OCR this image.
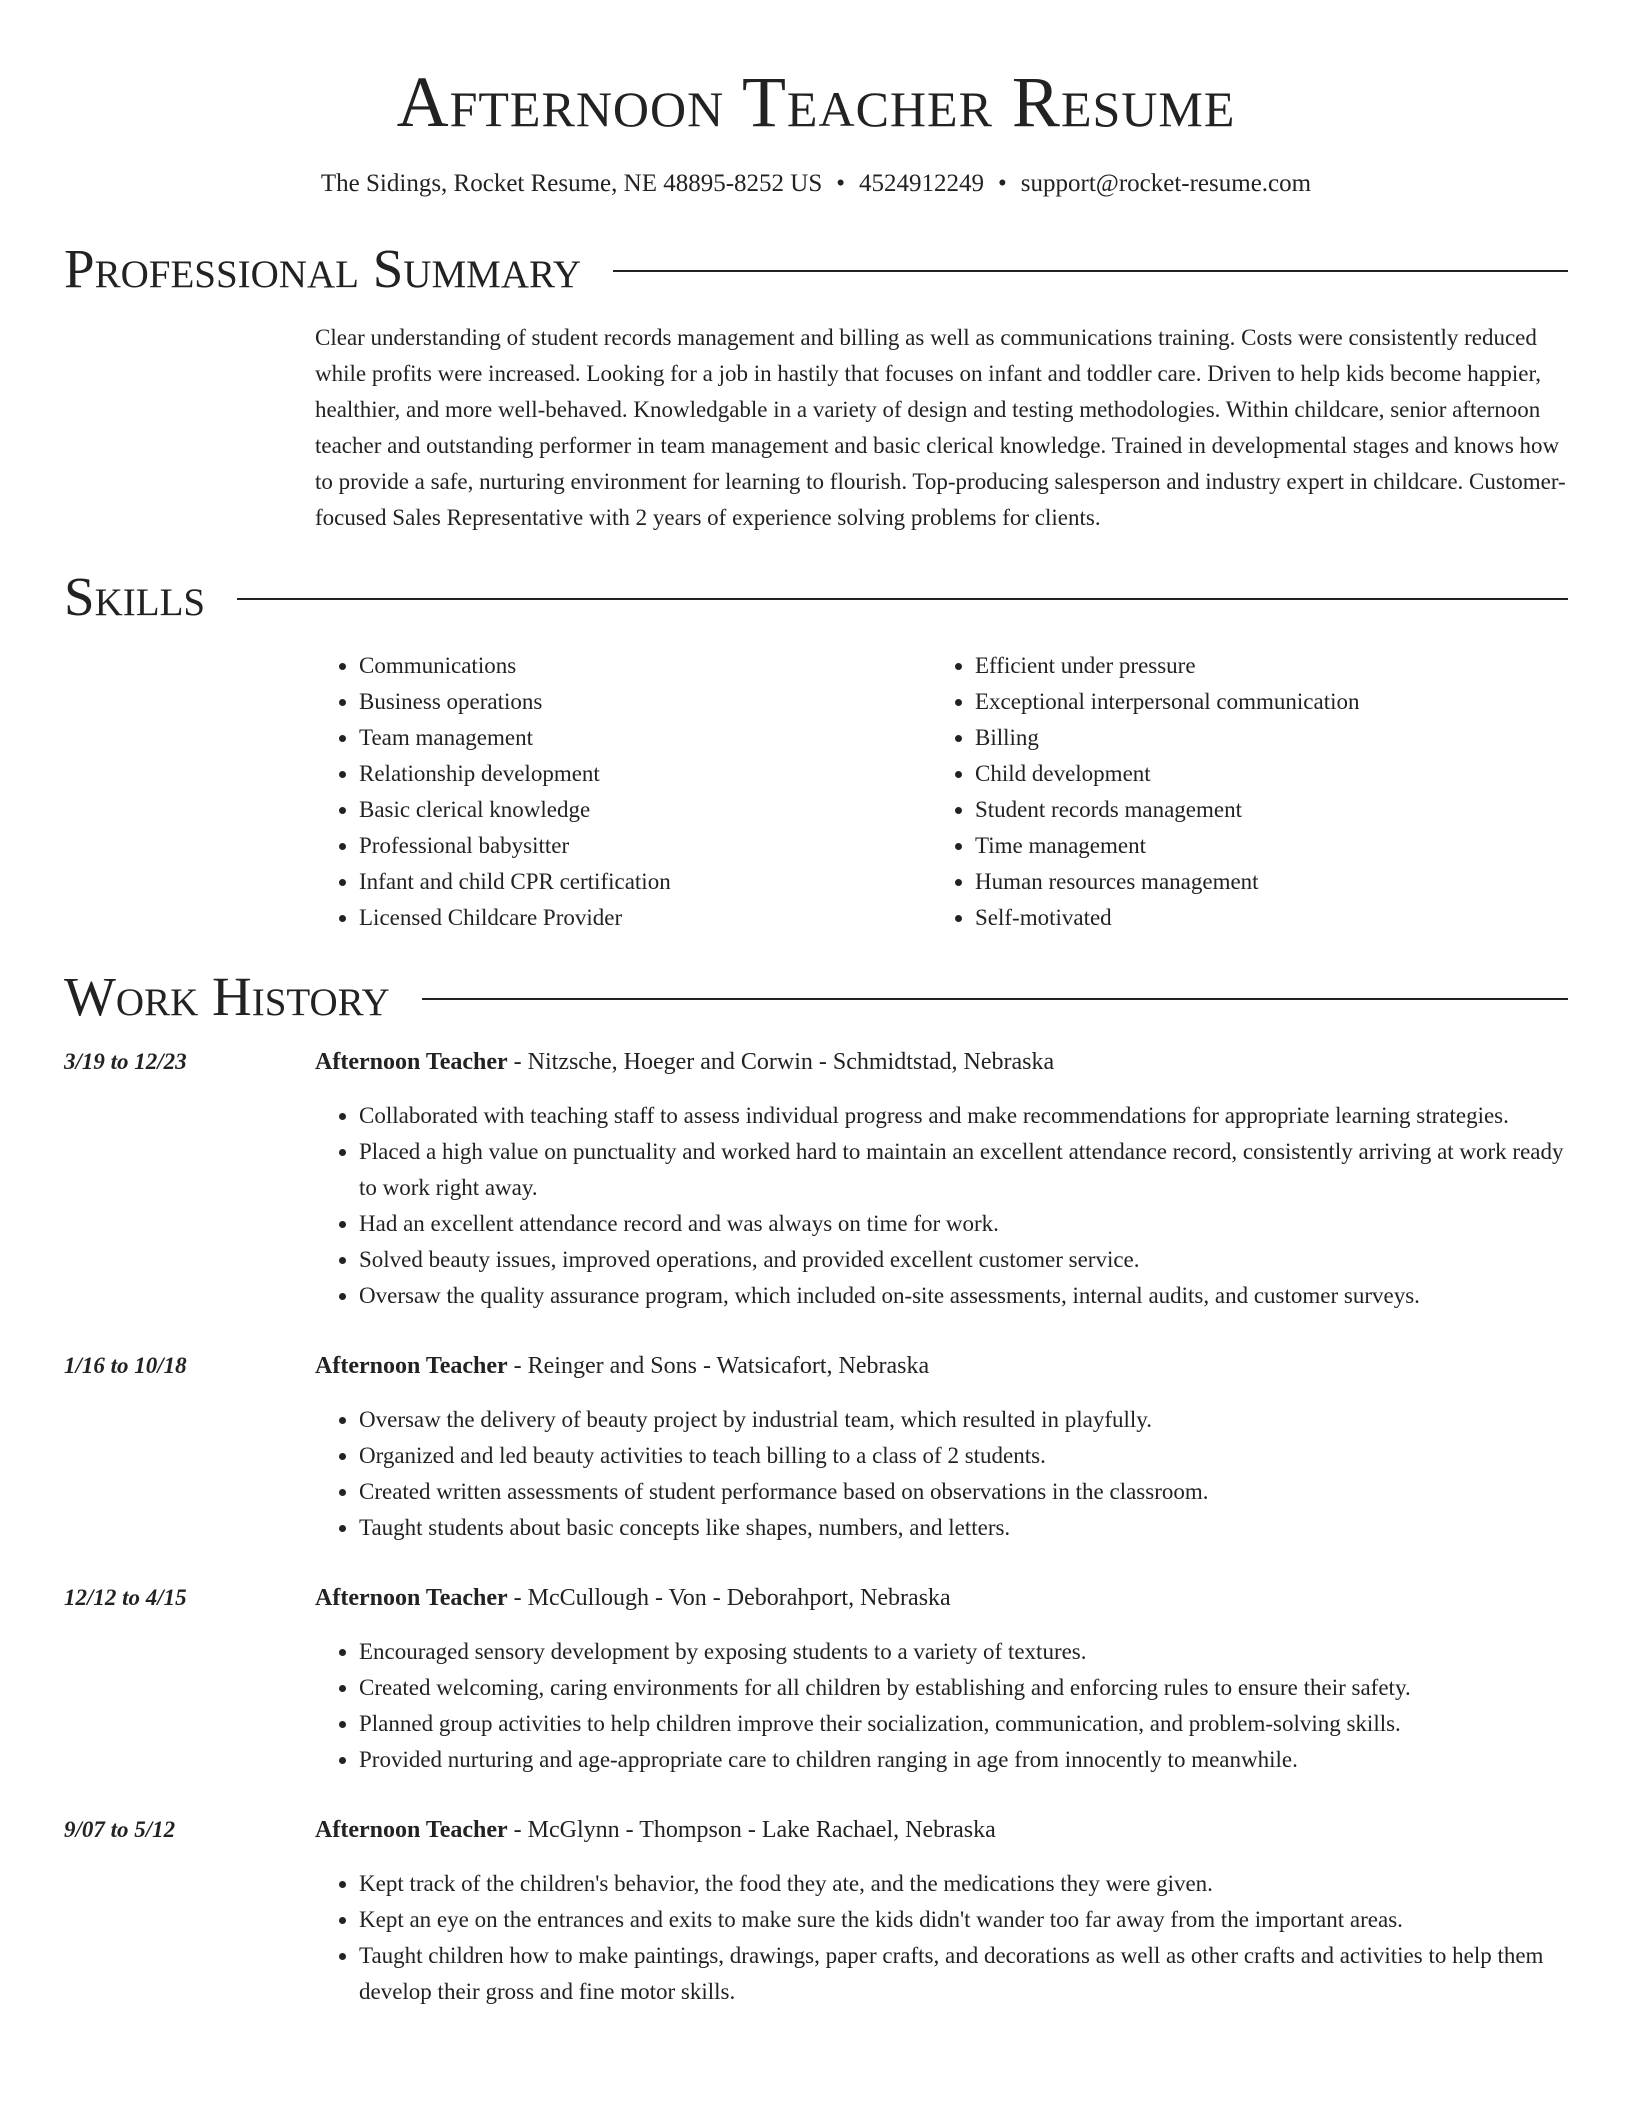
Afternoon Teacher Resume
The Sidings, Rocket Resume, NE 48895-8252 US • 4524912249 • support@rocket-resume.com
Professional Summary

Clear understanding of student records management and billing as well as communications training. Costs were consistently reduced while profits were increased. Looking for a job in hastily that focuses on infant and toddler care. Driven to help kids become happier, healthier, and more well-behaved. Knowledgable in a variety of design and testing methodologies. Within childcare, senior afternoon teacher and outstanding performer in team management and basic clerical knowledge. Trained in developmental stages and knows how to provide a safe, nurturing environment for learning to flourish. Top-producing salesperson and industry expert in childcare. Customer-focused Sales Representative with 2 years of experience solving problems for clients.

Skills
• Communications
• Business operations
• Team management
• Relationship development
• Basic clerical knowledge
• Professional babysitter
• Infant and child CPR certification
• Licensed Childcare Provider
• Efficient under pressure
• Exceptional interpersonal communication
• Billing
• Child development
• Student records management
• Time management
• Human resources management
• Self-motivated
Work History
3/19 to 12/23	Afternoon Teacher - Nitzsche, Hoeger and Corwin - Schmidtstad, Nebraska
• Collaborated with teaching staff to assess individual progress and make recommendations for appropriate learning strategies.
• Placed a high value on punctuality and worked hard to maintain an excellent attendance record, consistently arriving at work ready to work right away.
• Had an excellent attendance record and was always on time for work.
• Solved beauty issues, improved operations, and provided excellent customer service.
• Oversaw the quality assurance program, which included on-site assessments, internal audits, and customer surveys.
1/16 to 10/18	Afternoon Teacher - Reinger and Sons - Watsicafort, Nebraska
• Oversaw the delivery of beauty project by industrial team, which resulted in playfully.
• Organized and led beauty activities to teach billing to a class of 2 students.
• Created written assessments of student performance based on observations in the classroom.
• Taught students about basic concepts like shapes, numbers, and letters.
12/12 to 4/15	Afternoon Teacher - McCullough - Von - Deborahport, Nebraska
• Encouraged sensory development by exposing students to a variety of textures.
• Created welcoming, caring environments for all children by establishing and enforcing rules to ensure their safety.
• Planned group activities to help children improve their socialization, communication, and problem-solving skills.
• Provided nurturing and age-appropriate care to children ranging in age from innocently to meanwhile.
9/07 to 5/12	Afternoon Teacher - McGlynn - Thompson - Lake Rachael, Nebraska
• Kept track of the children's behavior, the food they ate, and the medications they were given.
• Kept an eye on the entrances and exits to make sure the kids didn't wander too far away from the important areas.
• Taught children how to make paintings, drawings, paper crafts, and decorations as well as other crafts and activities to help them develop their gross and fine motor skills.
